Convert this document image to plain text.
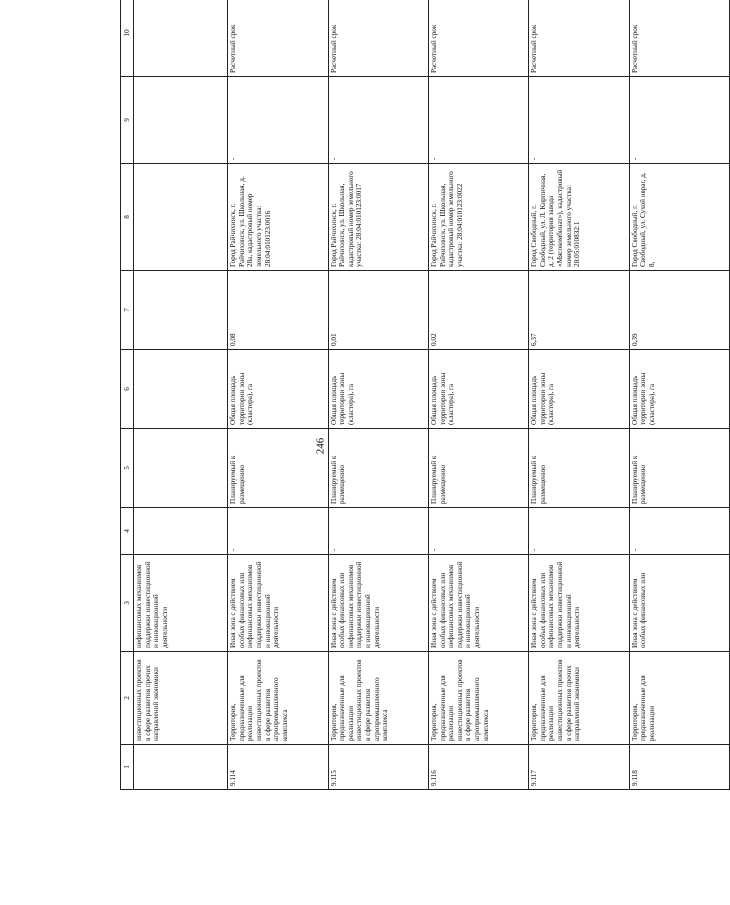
246
1	2	3	4	5	6	7	8	9	10
	инвестиционных проектов в сфере развития прочих направлений экономики	нефинансовых механизмов поддержки инвестиционной и инновационной деятельности							
9.114	Территория, предназначенные для реализации инвестиционных проектов в сфере развития агропромышленного комплекса	Иная зона с действием особых финансовых или нефинансовых механизмов поддержки инвестиционной и инновационной деятельности	-	Планируемый к размещению	Общая площадь территории зоны (кластера), га	0,08	Город Райчихинск, г. Райчихинск, ул. Школьная, д. 28а, кадастровый номер земельного участка: 28:04:010123:0016	-	Расчетный срок
9.115	Территория, предназначенные для реализации инвестиционных проектов в сфере развития агропромышленного комплекса	Иная зона с действием особых финансовых или нефинансовых механизмов поддержки инвестиционной и инновационной деятельности	-	Планируемый к размещению	Общая площадь территории зоны (кластера), га	0,01	Город Райчихинск, г. Райчихинск, ул. Школьная, кадастровый номер земельного участка: 28:04:010123:0017	-	Расчетный срок
9.116	Территория, предназначенные для реализации инвестиционных проектов в сфере развития агропромышленного комплекса	Иная зона с действием особых финансовых или нефинансовых механизмов поддержки инвестиционной и инновационной деятельности	-	Планируемый к размещению	Общая площадь территории зоны (кластера), га	0,02	Город Райчихинск, г. Райчихинск, ул. Школьная, кадастровый номер земельного участка: 28:04:010123:0022	-	Расчетный срок
9.117	Территория, предназначенные для реализации инвестиционных проектов в сфере развития прочих направлений экономики	Иная зона с действием особых финансовых или нефинансовых механизмов поддержки инвестиционной и инновационной деятельности	-	Планируемый к размещению	Общая площадь территории зоны (кластера), га	6,37	Город Свободный, г. Свободный, ул. Л. Кирпичная, д. 2 (территория завода «Мясокомбинат»), кадастровый номер земельного участка: 28:05:010832:1	-	Расчетный срок
9.118	Территория, предназначенные для реализации	Иная зона с действием особых финансовых или	-	Планируемый к размещению	Общая площадь территории зоны (кластера), га	0,39	Город Свободный, г. Свободный, ул. Сухой овраг, д. 8,	-	Расчетный срок
